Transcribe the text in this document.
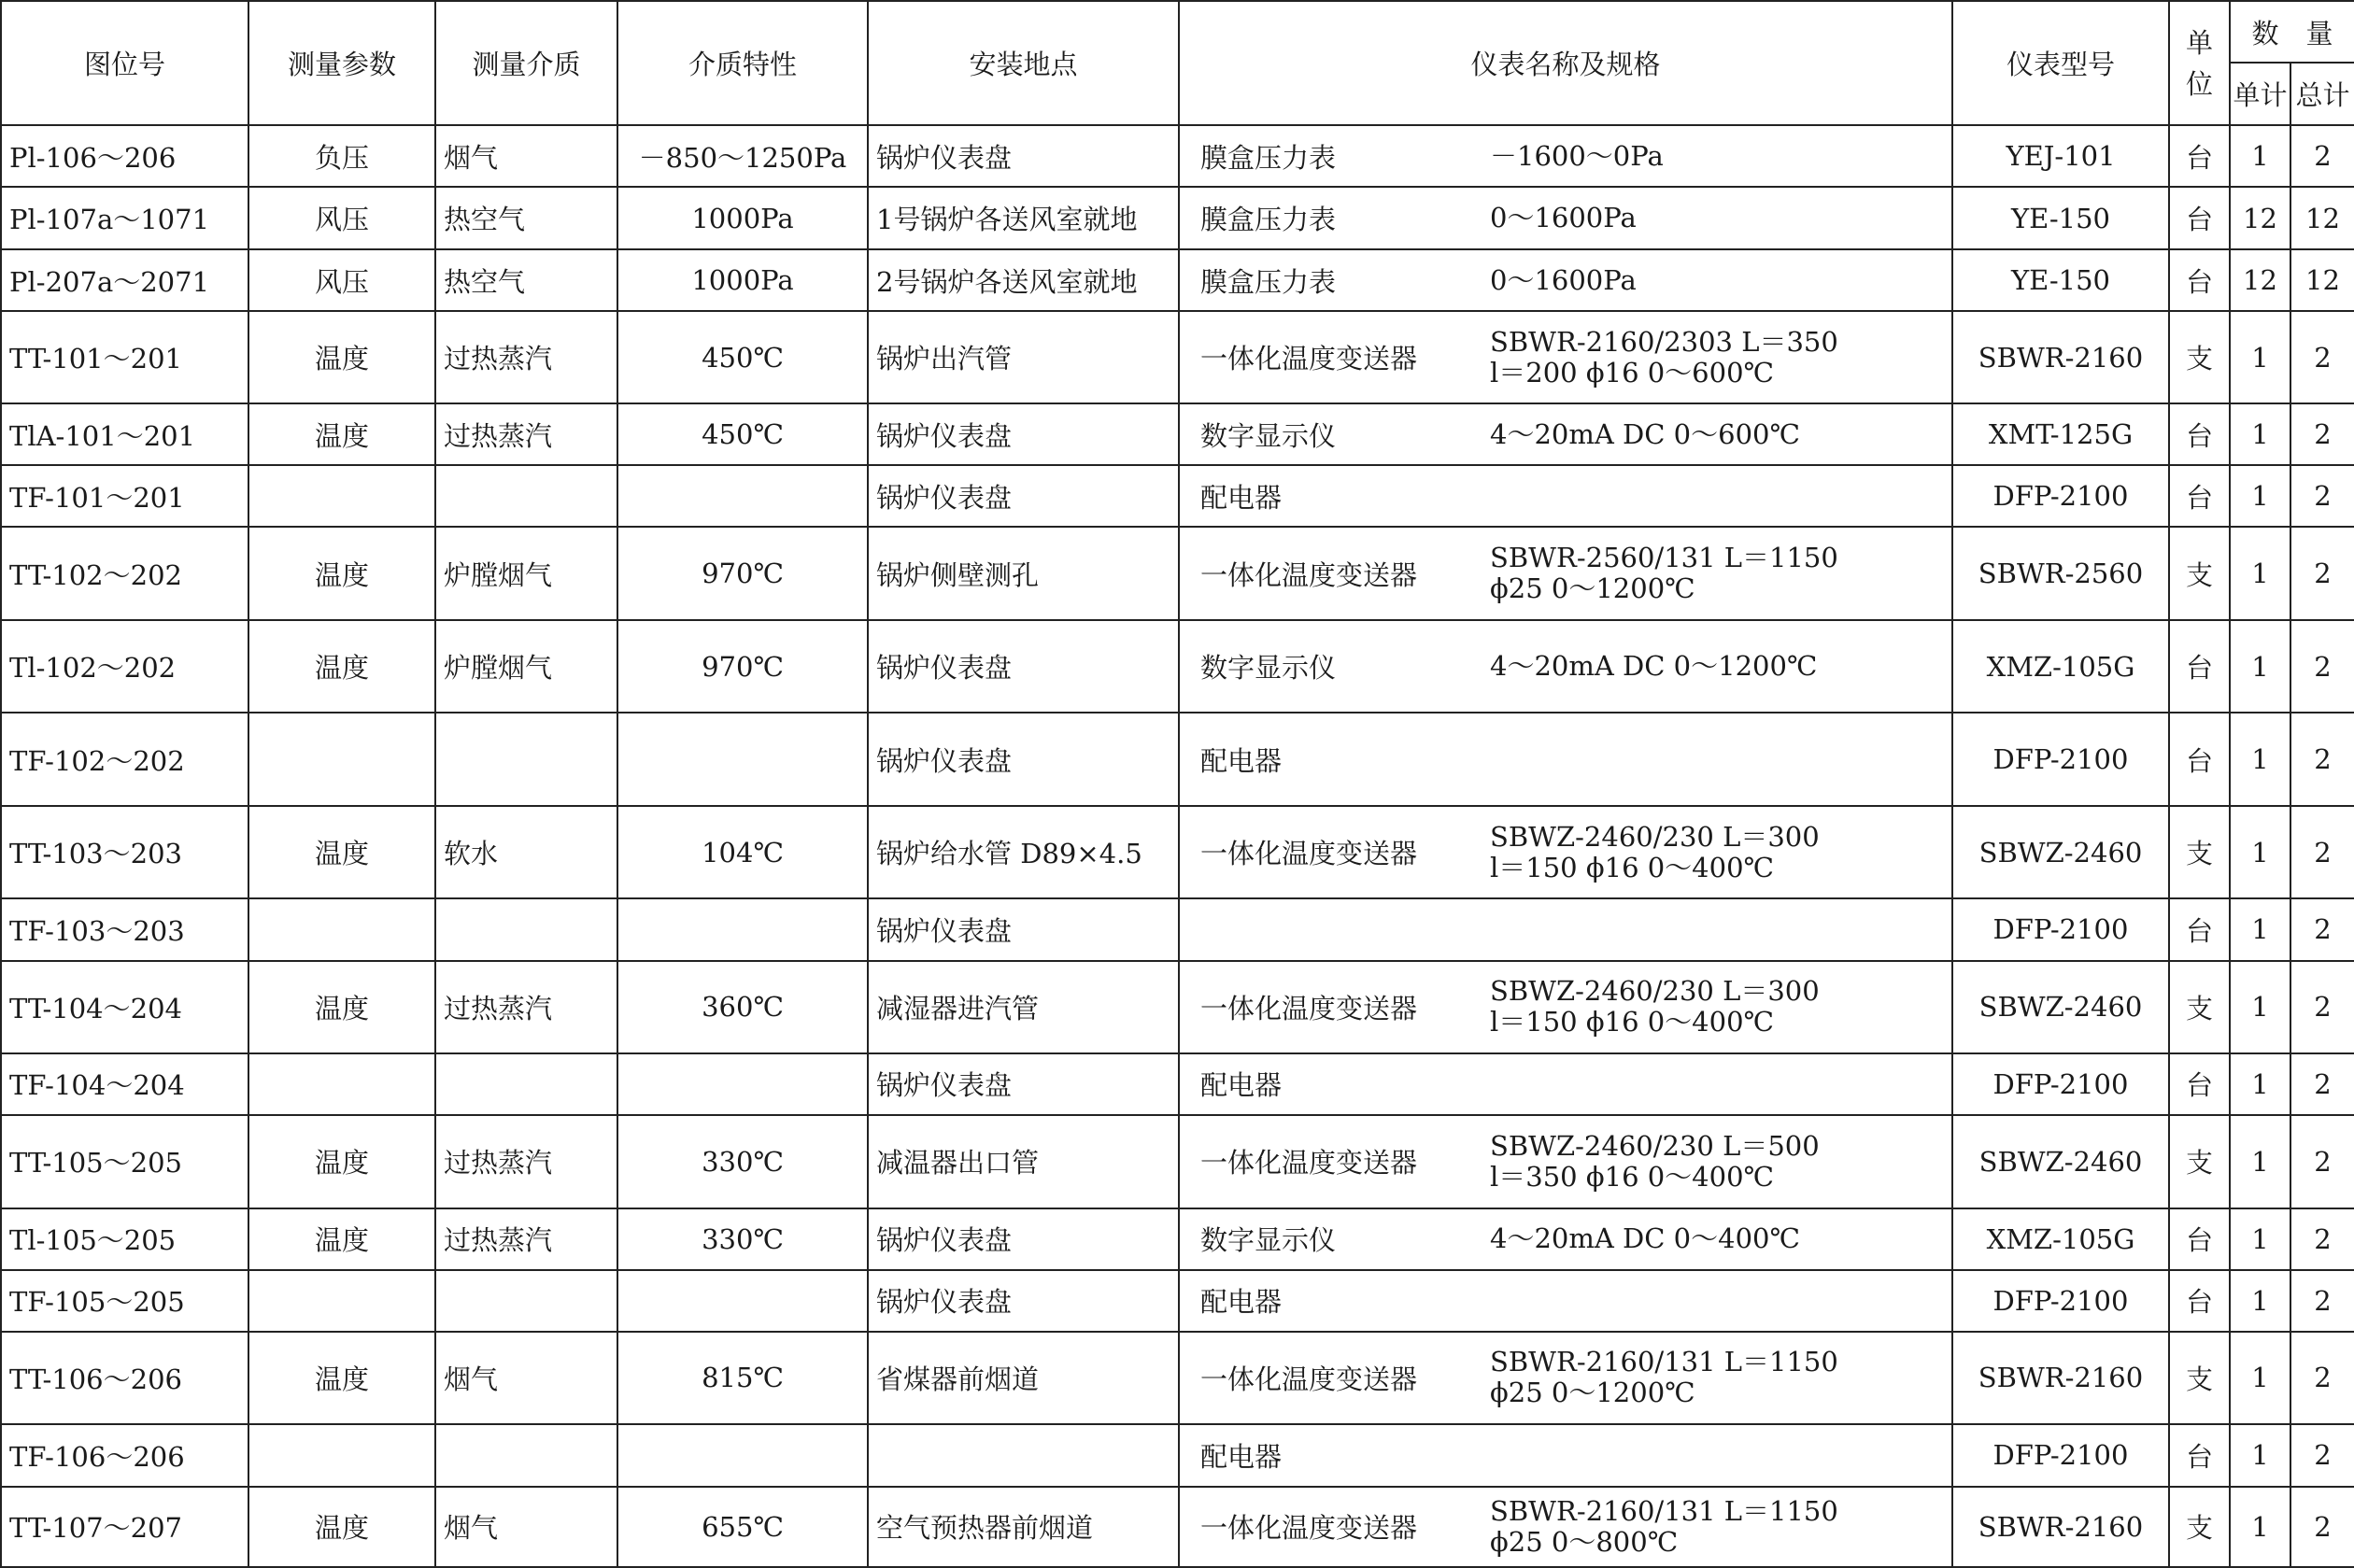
图位号	测量参数	测量介质	介质特性	安装地点	仪表名称及规格	仪表型号	单位	数　量	
								单计	总计
Pl-106～206	负压	烟气	－850～1250Pa	锅炉仪表盘	膜盒压力表 －1600～0Pa	YEJ-101	台	1	2
Pl-107a～1071	风压	热空气	1000Pa	1号锅炉各送风室就地	膜盒压力表 0～1600Pa	YE-150	台	12	12
Pl-207a～2071	风压	热空气	1000Pa	2号锅炉各送风室就地	膜盒压力表 0～1600Pa	YE-150	台	12	12
TT-101～201	温度	过热蒸汽	450℃	锅炉出汽管	一体化温度变送器
SBWR-2160/2303 L＝350
l＝200 ϕ16 0～600℃	SBWR-2160	支	1	2
TlA-101～201	温度	过热蒸汽	450℃	锅炉仪表盘	数字显示仪 4～20mA DC 0～600℃	XMT-125G	台	1	2
TF-101～201				锅炉仪表盘	配电器	DFP-2100	台	1	2
TT-102～202	温度	炉膛烟气	970℃	锅炉侧壁测孔	一体化温度变送器
SBWR-2560/131 L＝1150
ϕ25 0～1200℃	SBWR-2560	支	1	2
Tl-102～202	温度	炉膛烟气	970℃	锅炉仪表盘	数字显示仪 4～20mA DC 0～1200℃	XMZ-105G	台	1	2
TF-102～202				锅炉仪表盘	配电器	DFP-2100	台	1	2
TT-103～203	温度	软水	104℃	锅炉给水管 D89×4.5	一体化温度变送器
SBWZ-2460/230 L＝300
l＝150 ϕ16 0～400℃	SBWZ-2460	支	1	2
TF-103～203				锅炉仪表盘		DFP-2100	台	1	2
TT-104～204	温度	过热蒸汽	360℃	减湿器进汽管	一体化温度变送器
SBWZ-2460/230 L＝300
l＝150 ϕ16 0～400℃	SBWZ-2460	支	1	2
TF-104～204				锅炉仪表盘	配电器	DFP-2100	台	1	2
TT-105～205	温度	过热蒸汽	330℃	减温器出口管	一体化温度变送器
SBWZ-2460/230 L＝500
l＝350 ϕ16 0～400℃	SBWZ-2460	支	1	2
Tl-105～205	温度	过热蒸汽	330℃	锅炉仪表盘	数字显示仪 4～20mA DC 0～400℃	XMZ-105G	台	1	2
TF-105～205				锅炉仪表盘	配电器	DFP-2100	台	1	2
TT-106～206	温度	烟气	815℃	省煤器前烟道	一体化温度变送器
SBWR-2160/131 L＝1150
ϕ25 0～1200℃	SBWR-2160	支	1	2
TF-106～206					配电器	DFP-2100	台	1	2
TT-107～207	温度	烟气	655℃	空气预热器前烟道	一体化温度变送器
SBWR-2160/131 L＝1150
ϕ25 0～800℃	SBWR-2160	支	1	2
